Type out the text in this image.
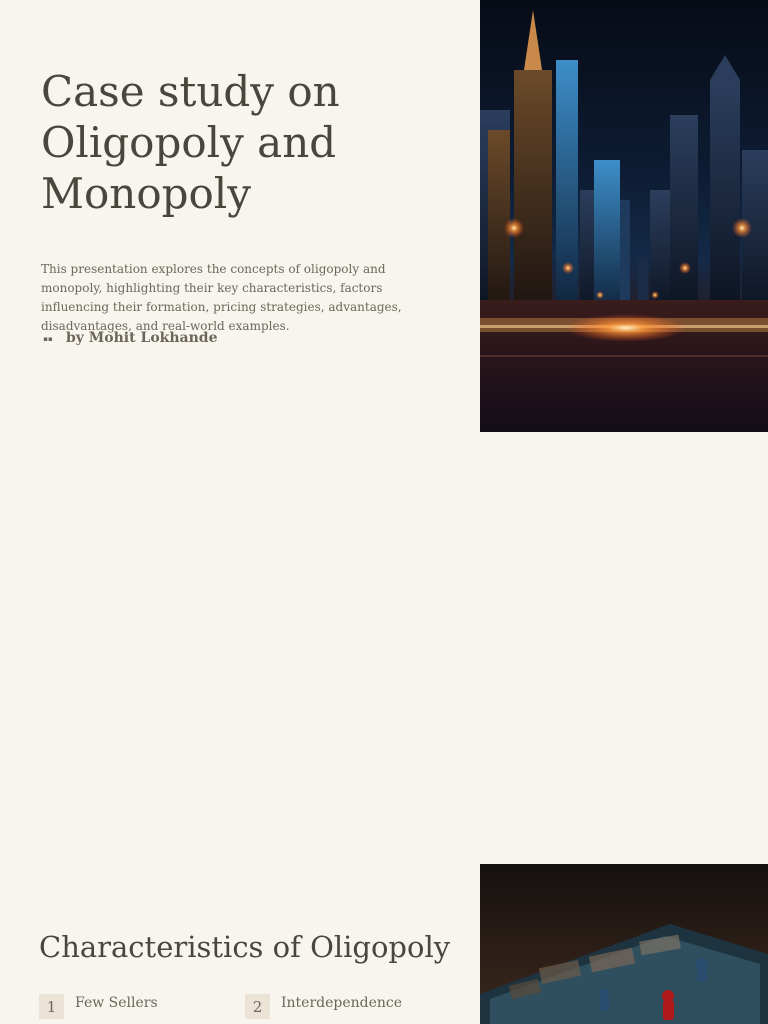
Case study on Oligopoly and Monopoly

This presentation explores the concepts of oligopoly and monopoly, highlighting their key characteristics, factors influencing their formation, pricing strategies, advantages, disadvantages, and real-world examples.

▪▪ by Mohit Lokhande
Characteristics of Oligopoly
1	Few Sellers	2	Interdependence
